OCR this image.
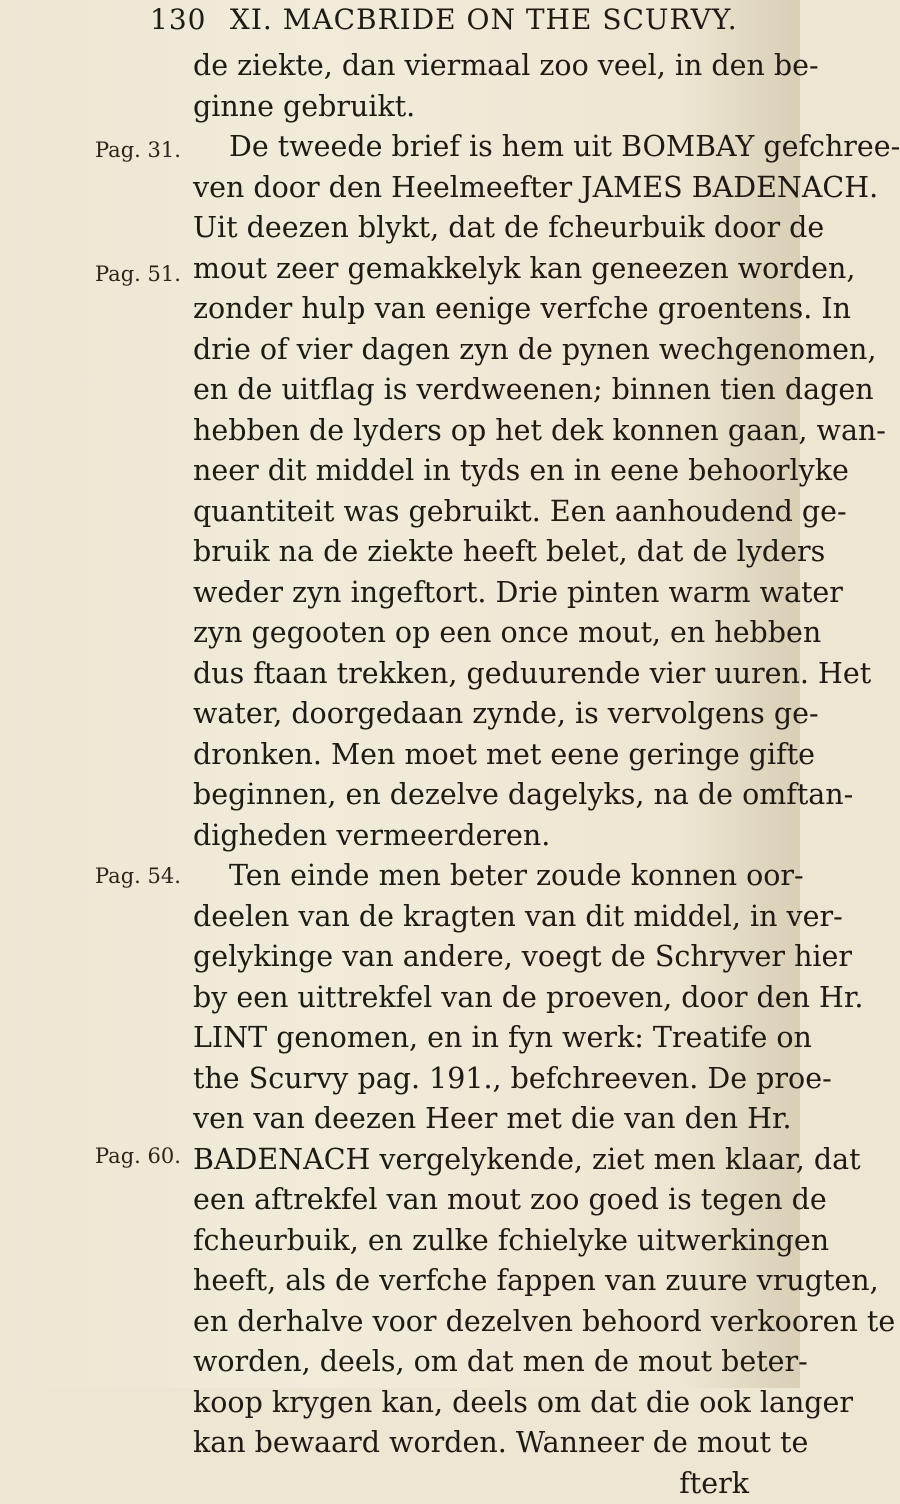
130 XI. MACBRIDE ON THE SCURVY.
Pag. 31.
Pag. 51.
Pag. 54.
Pag. 60.
de ziekte, dan viermaal zoo veel, in den be-
ginne gebruikt.
De tweede brief is hem uit BOMBAY gefchree-
ven door den Heelmeefter JAMES BADENACH.
Uit deezen blykt, dat de fcheurbuik door de
mout zeer gemakkelyk kan geneezen worden,
zonder hulp van eenige verfche groentens. In
drie of vier dagen zyn de pynen wechgenomen,
en de uitflag is verdweenen; binnen tien dagen
hebben de lyders op het dek konnen gaan, wan-
neer dit middel in tyds en in eene behoorlyke
quantiteit was gebruikt. Een aanhoudend ge-
bruik na de ziekte heeft belet, dat de lyders
weder zyn ingeftort. Drie pinten warm water
zyn gegooten op een once mout, en hebben
dus ftaan trekken, geduurende vier uuren. Het
water, doorgedaan zynde, is vervolgens ge-
dronken. Men moet met eene geringe gifte
beginnen, en dezelve dagelyks, na de omftan-
digheden vermeerderen.
Ten einde men beter zoude konnen oor-
deelen van de kragten van dit middel, in ver-
gelykinge van andere, voegt de Schryver hier
by een uittrekfel van de proeven, door den Hr.
LINT genomen, en in fyn werk: Treatife on
the Scurvy pag. 191., befchreeven. De proe-
ven van deezen Heer met die van den Hr.
BADENACH vergelykende, ziet men klaar, dat
een aftrekfel van mout zoo goed is tegen de
fcheurbuik, en zulke fchielyke uitwerkingen
heeft, als de verfche fappen van zuure vrugten,
en derhalve voor dezelven behoord verkooren te
worden, deels, om dat men de mout beter-
koop krygen kan, deels om dat die ook langer
kan bewaard worden. Wanneer de mout te
fterk
